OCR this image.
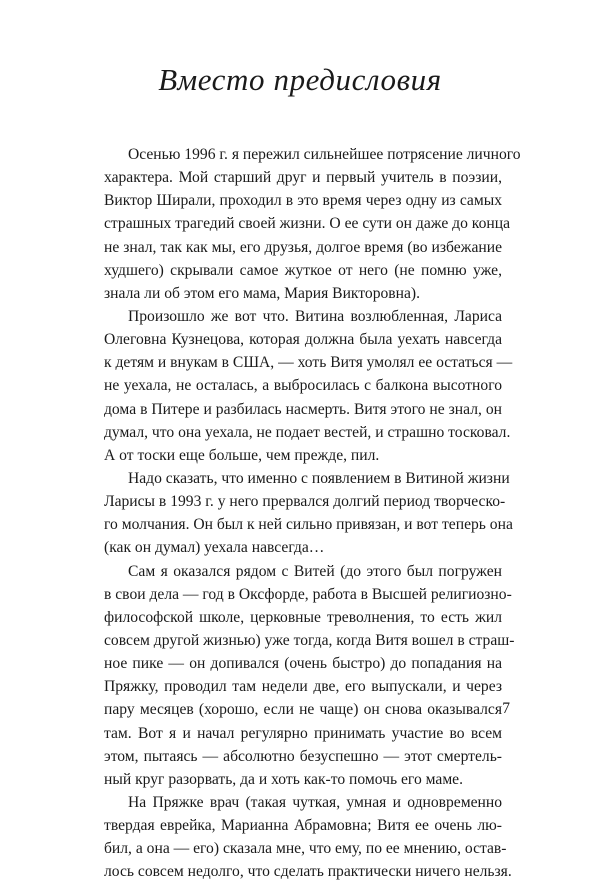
Вместо предисловия
Осенью 1996 г. я пережил сильнейшее потрясение личного
характера. Мой старший друг и первый учитель в поэзии,
Виктор Ширали, проходил в это время через одну из самых
страшных трагедий своей жизни. О ее сути он даже до конца
не знал, так как мы, его друзья, долгое время (во избежание
худшего) скрывали самое жуткое от него (не помню уже,
знала ли об этом его мама, Мария Викторовна).
Произошло же вот что. Витина возлюбленная, Лариса
Олеговна Кузнецова, которая должна была уехать навсегда
к детям и внукам в США, — хоть Витя умолял ее остаться —
не уехала, не осталась, а выбросилась с балкона высотного
дома в Питере и разбилась насмерть. Витя этого не знал, он
думал, что она уехала, не подает вестей, и страшно тосковал.
А от тоски еще больше, чем прежде, пил.
Надо сказать, что именно с появлением в Витиной жизни
Ларисы в 1993 г. у него прервался долгий период творческо-
го молчания. Он был к ней сильно привязан, и вот теперь она
(как он думал) уехала навсегда…
Сам я оказался рядом с Витей (до этого был погружен
в свои дела — год в Оксфорде, работа в Высшей религиозно-
философской школе, церковные треволнения, то есть жил
совсем другой жизнью) уже тогда, когда Витя вошел в страш-
ное пике — он допивался (очень быстро) до попадания на
Пряжку, проводил там недели две, его выпускали, и через
пару месяцев (хорошо, если не чаще) он снова оказывался
там. Вот я и начал регулярно принимать участие во всем
этом, пытаясь — абсолютно безуспешно — этот смертель-
ный круг разорвать, да и хоть как-то помочь его маме.
На Пряжке врач (такая чуткая, умная и одновременно
твердая еврейка, Марианна Абрамовна; Витя ее очень лю-
бил, а она — его) сказала мне, что ему, по ее мнению, остав-
лось совсем недолго, что сделать практически ничего нельзя.
7
